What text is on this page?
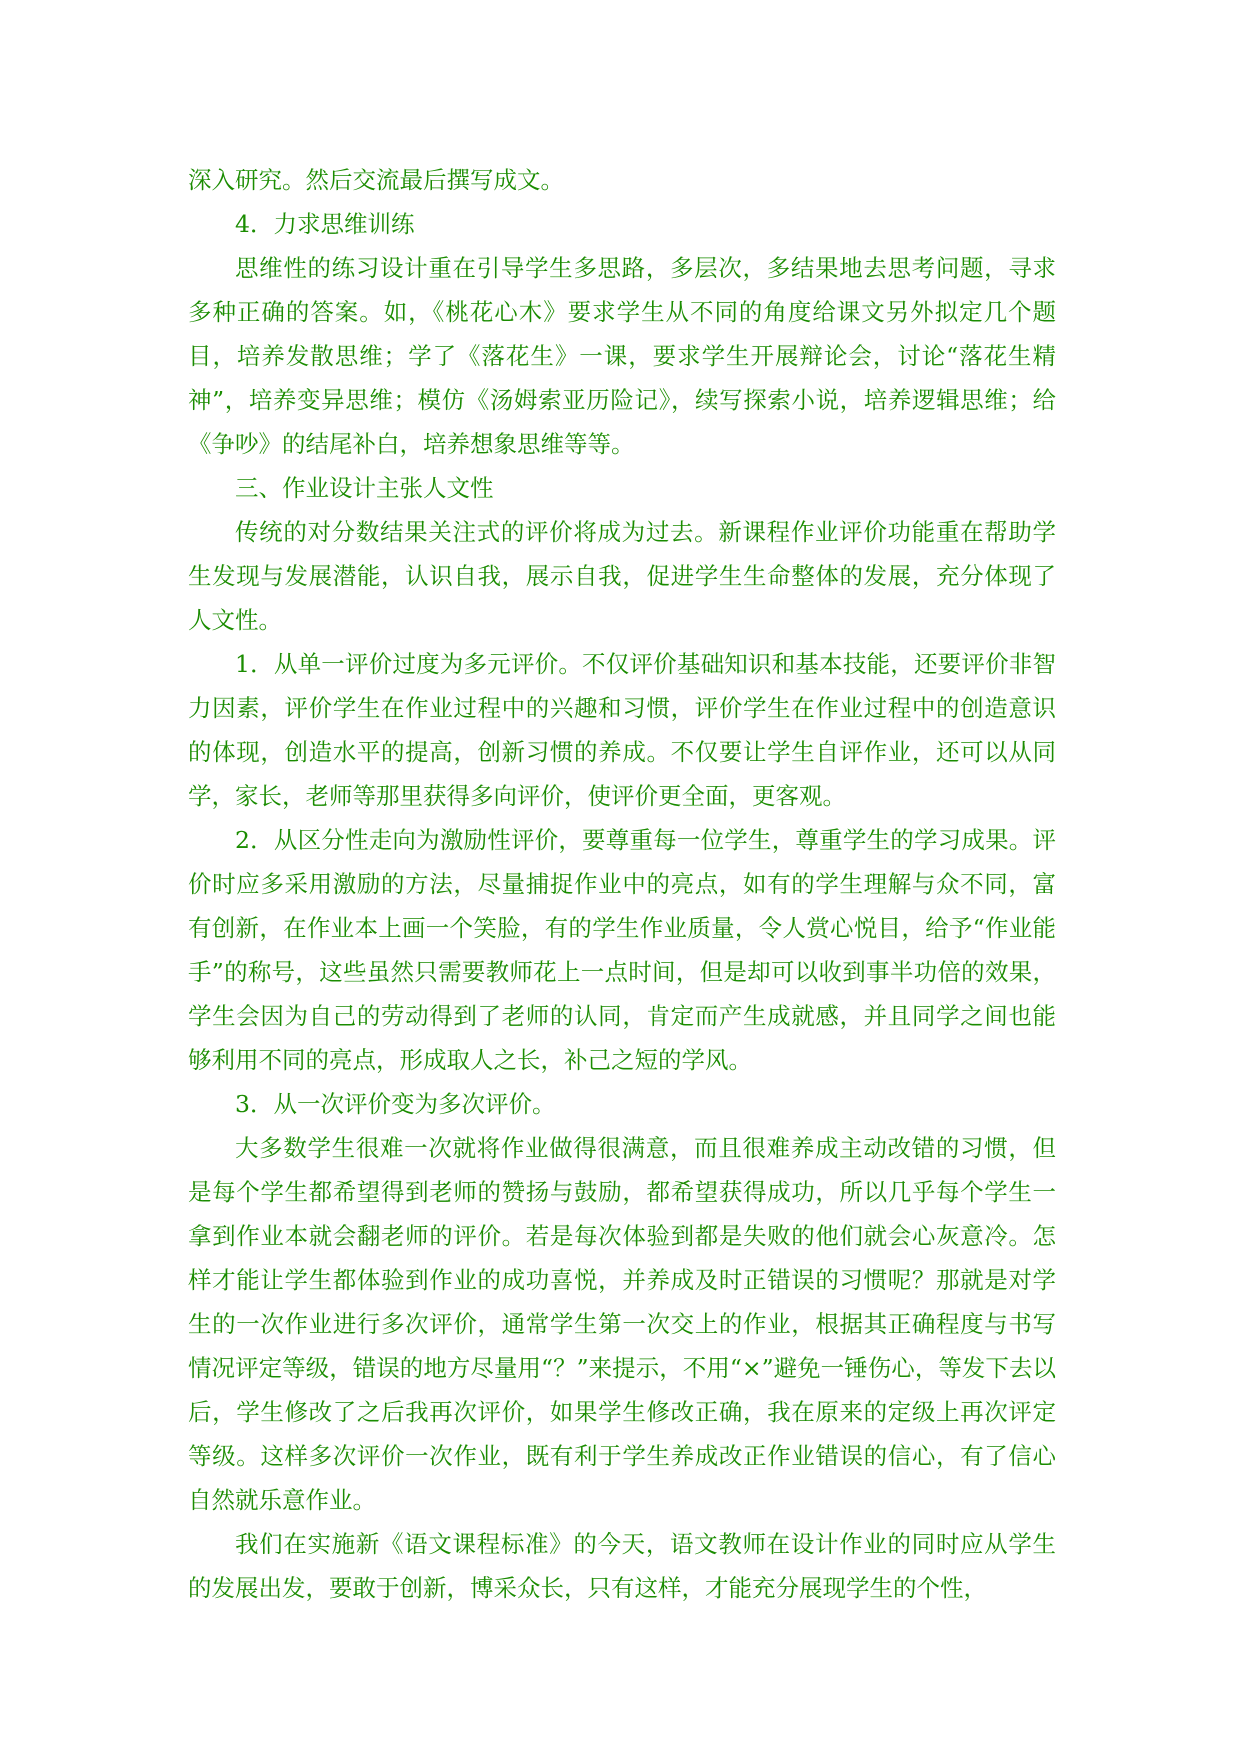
深入研究。然后交流最后撰写成文。

4．力求思维训练

思维性的练习设计重在引导学生多思路，多层次，多结果地去思考问题，寻求多种正确的答案。如，《桃花心木》要求学生从不同的角度给课文另外拟定几个题目，培养发散思维；学了《落花生》一课，要求学生开展辩论会，讨论“落花生精神”，培养变异思维；模仿《汤姆索亚历险记》，续写探索小说，培养逻辑思维；给《争吵》的结尾补白，培养想象思维等等。

三、作业设计主张人文性

传统的对分数结果关注式的评价将成为过去。新课程作业评价功能重在帮助学生发现与发展潜能，认识自我，展示自我，促进学生生命整体的发展，充分体现了人文性。

1．从单一评价过度为多元评价。不仅评价基础知识和基本技能，还要评价非智力因素，评价学生在作业过程中的兴趣和习惯，评价学生在作业过程中的创造意识的体现，创造水平的提高，创新习惯的养成。不仅要让学生自评作业，还可以从同学，家长，老师等那里获得多向评价，使评价更全面，更客观。

2．从区分性走向为激励性评价，要尊重每一位学生，尊重学生的学习成果。评价时应多采用激励的方法，尽量捕捉作业中的亮点，如有的学生理解与众不同，富有创新，在作业本上画一个笑脸，有的学生作业质量，令人赏心悦目，给予“作业能手”的称号，这些虽然只需要教师花上一点时间，但是却可以收到事半功倍的效果，学生会因为自己的劳动得到了老师的认同，肯定而产生成就感，并且同学之间也能够利用不同的亮点，形成取人之长，补己之短的学风。

3．从一次评价变为多次评价。

大多数学生很难一次就将作业做得很满意，而且很难养成主动改错的习惯，但是每个学生都希望得到老师的赞扬与鼓励，都希望获得成功，所以几乎每个学生一拿到作业本就会翻老师的评价。若是每次体验到都是失败的他们就会心灰意冷。怎样才能让学生都体验到作业的成功喜悦，并养成及时正错误的习惯呢？那就是对学生的一次作业进行多次评价，通常学生第一次交上的作业，根据其正确程度与书写情况评定等级，错误的地方尽量用“？”来提示，不用“×”避免一锤伤心，等发下去以后，学生修改了之后我再次评价，如果学生修改正确，我在原来的定级上再次评定等级。这样多次评价一次作业，既有利于学生养成改正作业错误的信心，有了信心自然就乐意作业。

我们在实施新《语文课程标准》的今天，语文教师在设计作业的同时应从学生的发展出发，要敢于创新，博采众长，只有这样，才能充分展现学生的个性，
